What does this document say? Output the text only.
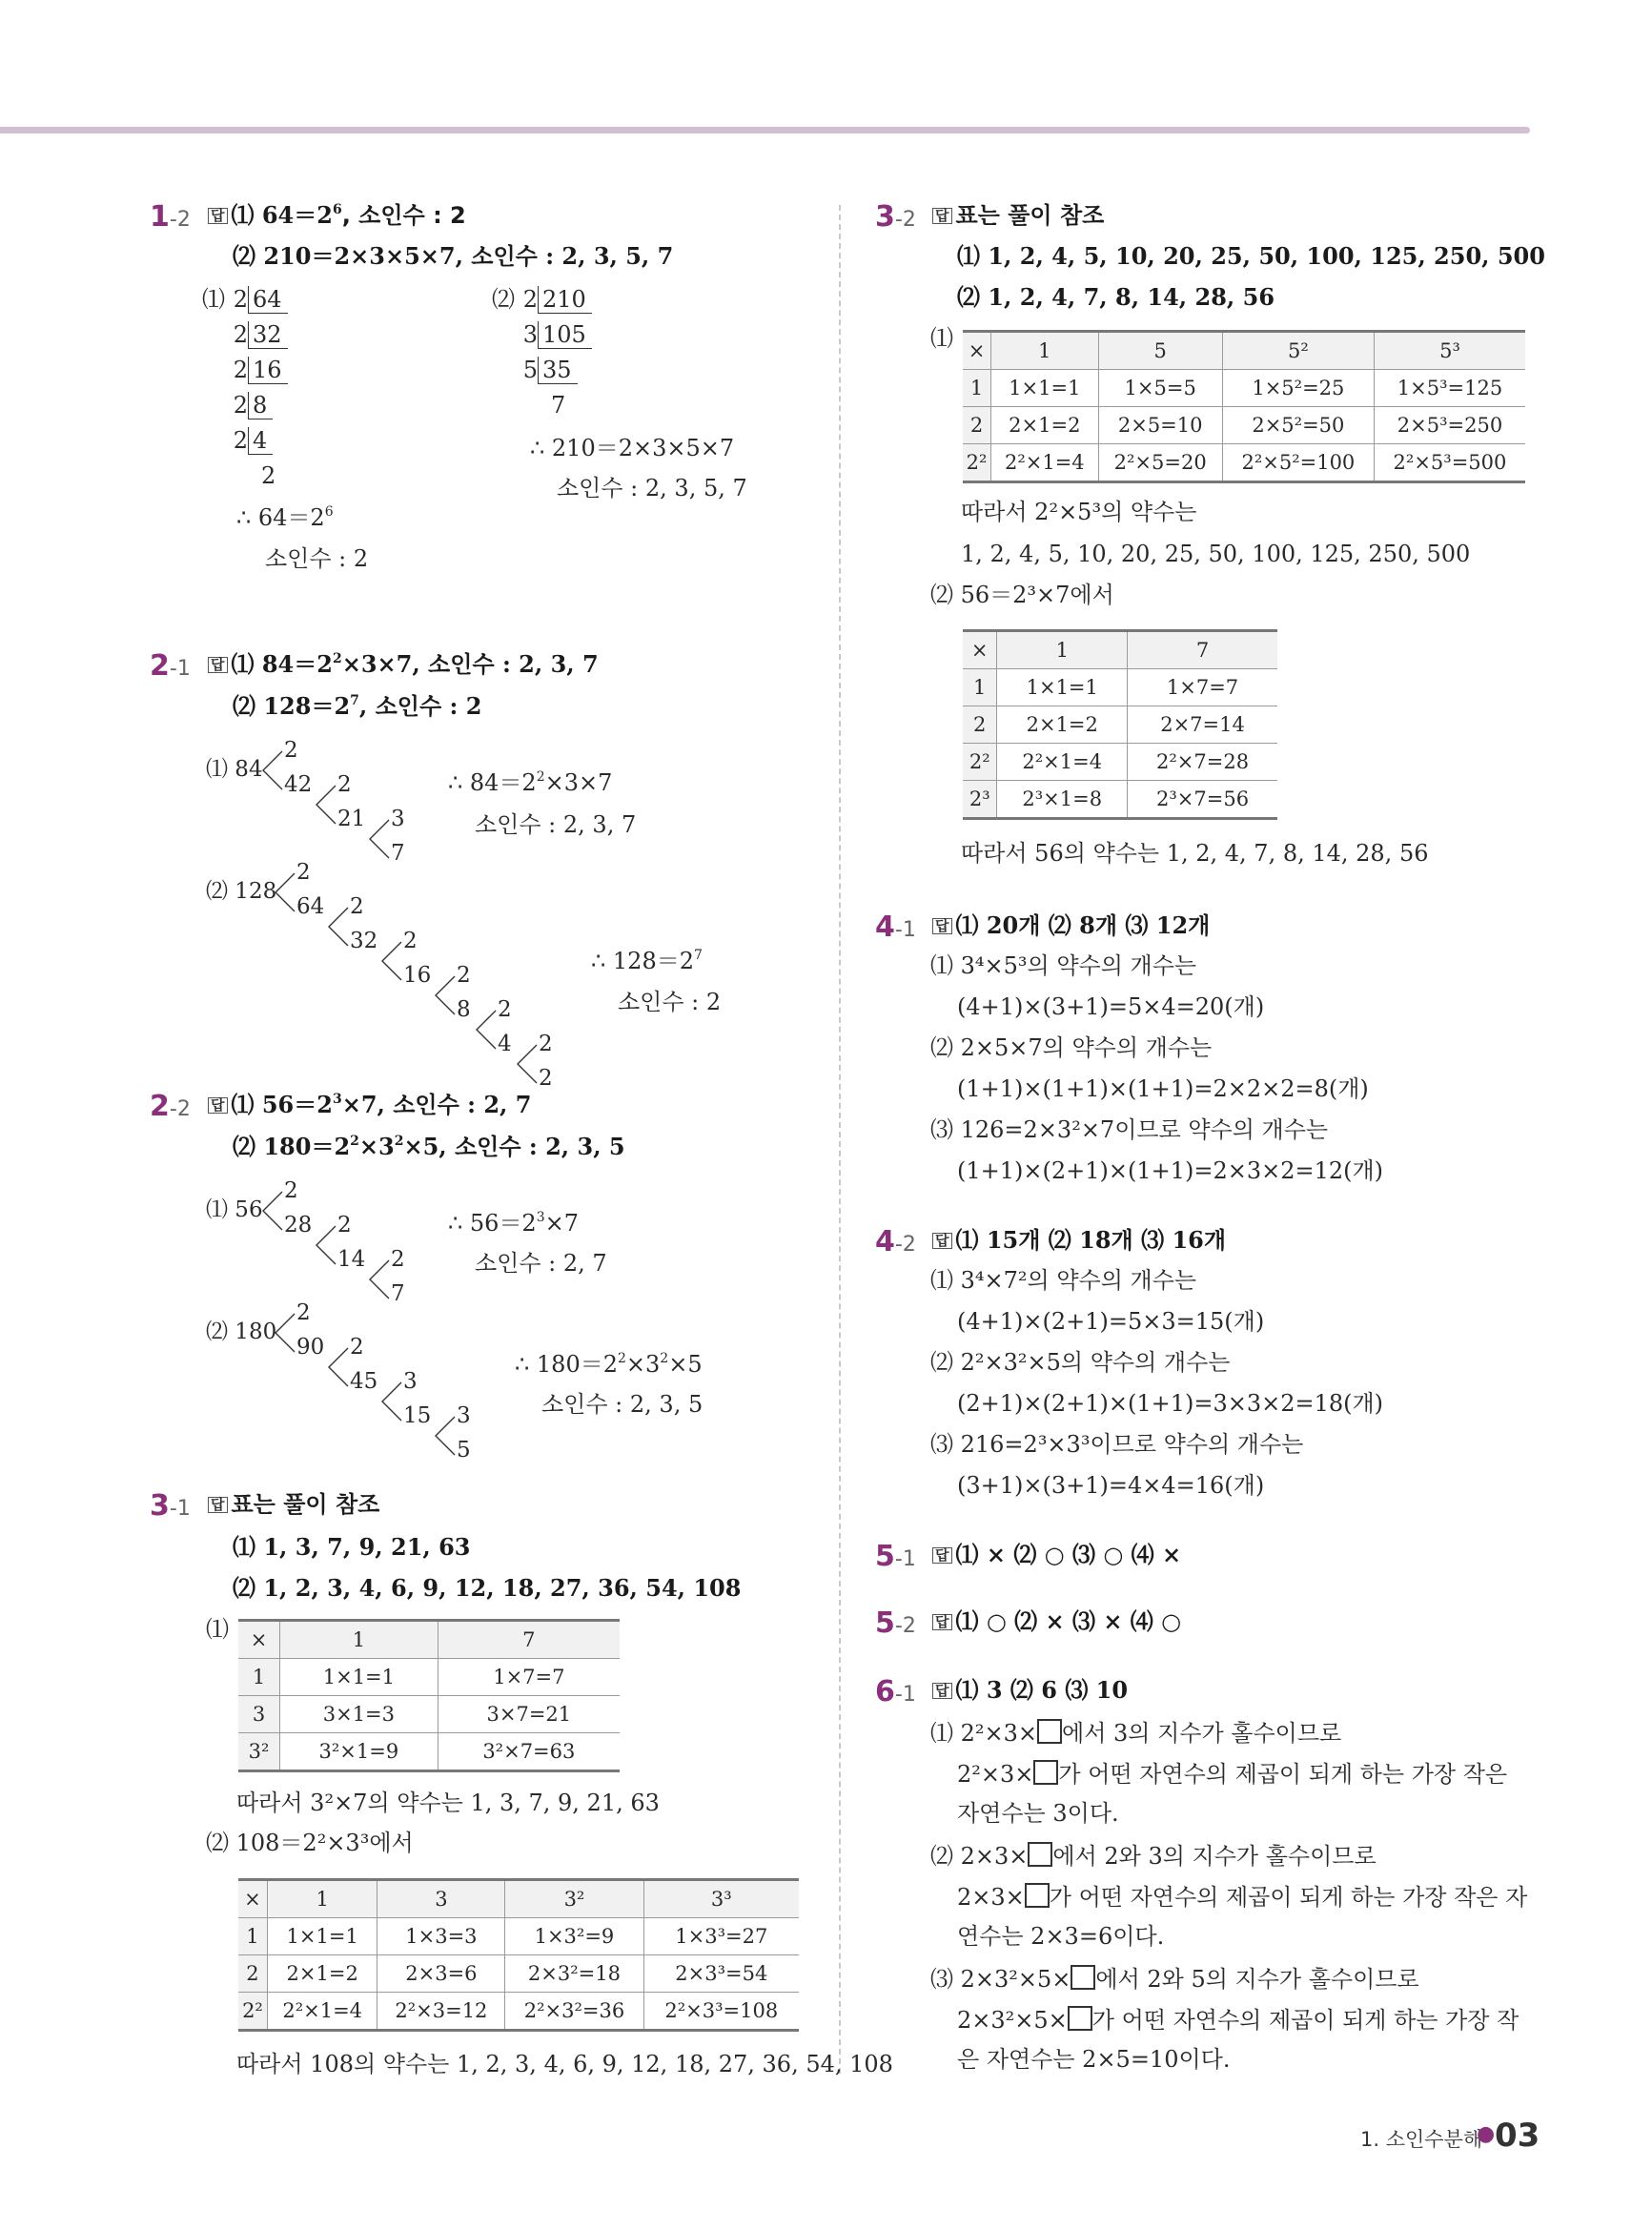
1-2 답 ⑴ $64=2^6$, 소인수 : 2
⑵ 210＝2×3×5×7, 소인수 : 2, 3, 5, 7
⑴ 2 64
2 32
2 16
2 8
2 4
2
⑵ 2 210
3 105
5 35
7
∴ $64=2^6$
소인수 : 2
∴ 210＝2×3×5×7
소인수 : 2, 3, 5, 7
2-1 답 ⑴ $84=2^2\times 3\times 7$, 소인수 : 2, 3, 7
⑵ $128=2^7$, 소인수 : 2
⑴ 84
2
42 2
21 3
7
∴ $84=2^2\times 3\times 7$
소인수 : 2, 3, 7
⑵ 128
2
64 2
32 2
16 2
8 2
4 2
2
∴ $128=2^7$
소인수 : 2
2-2 답 ⑴ $56=2^3\times 7$, 소인수 : 2, 7
⑵ $180=2^2\times 3^2\times 5$, 소인수 : 2, 3, 5
⑴ 56
2
28 2
14 2
7
∴ $56=2^3\times 7$
소인수 : 2, 7
⑵ 180
2
90 2
45 3
15 3
5
∴ $180=2^2\times 3^2\times 5$
소인수 : 2, 3, 5
3-1 답 표는 풀이 참조
⑴ 1, 3, 7, 9, 21, 63
⑵ 1, 2, 3, 4, 6, 9, 12, 18, 27, 36, 54, 108
⑴ ×	1	7
1	1×1=1	1×7=7
3	3×1=3	3×7=21
3²	3²×1=9	3²×7=63
따라서 3²×7의 약수는 1, 3, 7, 9, 21, 63
⑵ 108＝2²×3³에서
×	1	3	3²	3³
1	1×1=1	1×3=3	1×3²=9	1×3³=27
2	2×1=2	2×3=6	2×3²=18	2×3³=54
2²	2²×1=4	2²×3=12	2²×3²=36	2²×3³=108
따라서 108의 약수는 1, 2, 3, 4, 6, 9, 12, 18, 27, 36, 54, 108
3-2 답 표는 풀이 참조
⑴ 1, 2, 4, 5, 10, 20, 25, 50, 100, 125, 250, 500
⑵ 1, 2, 4, 7, 8, 14, 28, 56
⑴ ×	1	5	5²	5³
1	1×1=1	1×5=5	1×5²=25	1×5³=125
2	2×1=2	2×5=10	2×5²=50	2×5³=250
2²	2²×1=4	2²×5=20	2²×5²=100	2²×5³=500
따라서 2²×5³의 약수는
1, 2, 4, 5, 10, 20, 25, 50, 100, 125, 250, 500
⑵ 56＝2³×7에서
×	1	7
1	1×1=1	1×7=7
2	2×1=2	2×7=14
2²	2²×1=4	2²×7=28
2³	2³×1=8	2³×7=56
따라서 56의 약수는 1, 2, 4, 7, 8, 14, 28, 56
4-1 답 ⑴ 20개 ⑵ 8개 ⑶ 12개
⑴ 3⁴×5³의 약수의 개수는
(4+1)×(3+1)=5×4=20(개)
⑵ 2×5×7의 약수의 개수는
(1+1)×(1+1)×(1+1)=2×2×2=8(개)
⑶ 126=2×3²×7이므로 약수의 개수는
(1+1)×(2+1)×(1+1)=2×3×2=12(개)
4-2 답 ⑴ 15개 ⑵ 18개 ⑶ 16개
⑴ 3⁴×7²의 약수의 개수는
(4+1)×(2+1)=5×3=15(개)
⑵ 2²×3²×5의 약수의 개수는
(2+1)×(2+1)×(1+1)=3×3×2=18(개)
⑶ 216=2³×3³이므로 약수의 개수는
(3+1)×(3+1)=4×4=16(개)
5-1 답 ⑴ × ⑵ ○ ⑶ ○ ⑷ ×
5-2 답 ⑴ ○ ⑵ × ⑶ × ⑷ ○
6-1 답 ⑴ 3 ⑵ 6 ⑶ 10
⑴ 2²×3× 에서 3의 지수가 홀수이므로
2²×3× 가 어떤 자연수의 제곱이 되게 하는 가장 작은
자연수는 3이다.
⑵ 2×3× 에서 2와 3의 지수가 홀수이므로
2×3× 가 어떤 자연수의 제곱이 되게 하는 가장 작은 자
연수는 2×3=6이다.
⑶ 2×3²×5× 에서 2와 5의 지수가 홀수이므로
2×3²×5× 가 어떤 자연수의 제곱이 되게 하는 가장 작
은 자연수는 2×5=10이다.
1. 소인수분해
● 03
